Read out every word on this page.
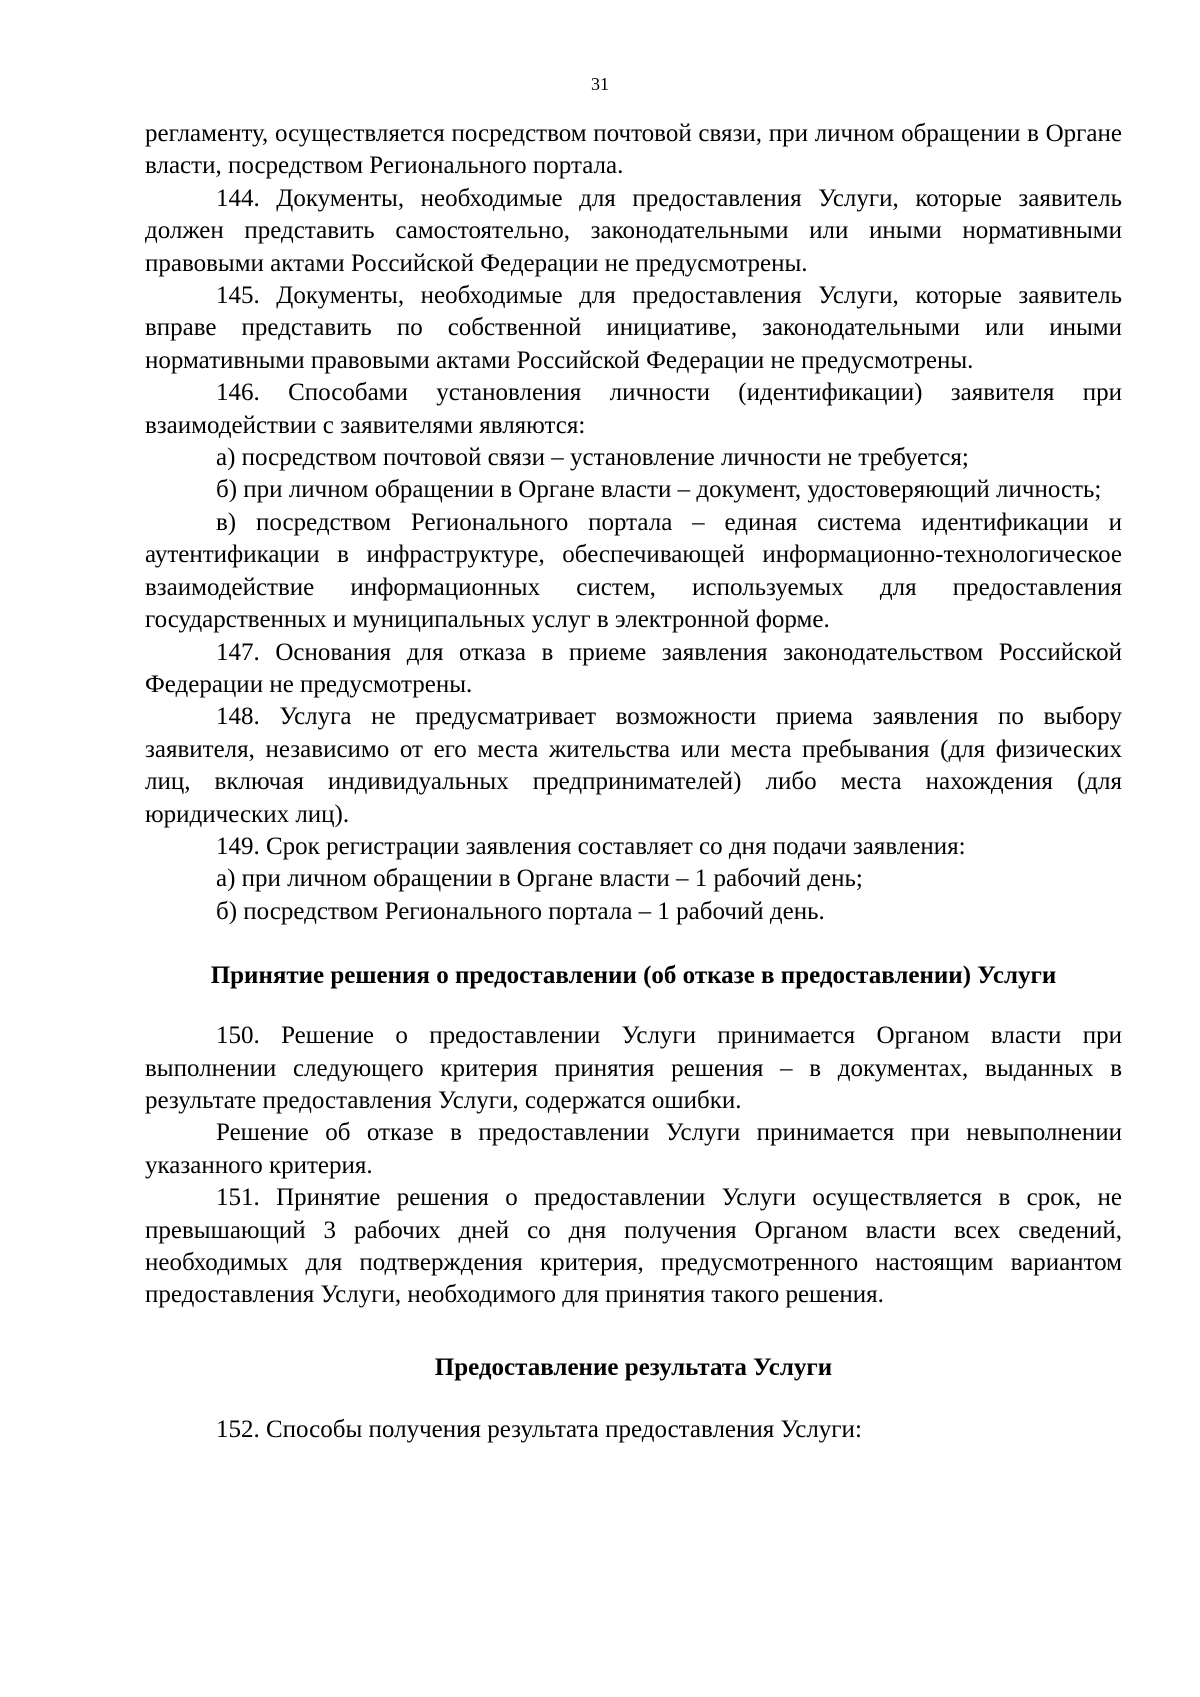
31

регламенту, осуществляется посредством почтовой связи, при личном обращении в Органе власти, посредством Регионального портала.

144. Документы, необходимые для предоставления Услуги, которые заявитель должен представить самостоятельно, законодательными или иными нормативными правовыми актами Российской Федерации не предусмотрены.

145. Документы, необходимые для предоставления Услуги, которые заявитель вправе представить по собственной инициативе, законодательными или иными нормативными правовыми актами Российской Федерации не предусмотрены.

146. Способами установления личности (идентификации) заявителя при взаимодействии с заявителями являются:

а) посредством почтовой связи – установление личности не требуется;

б) при личном обращении в Органе власти – документ, удостоверяющий личность;

в) посредством Регионального портала – единая система идентификации и аутентификации в инфраструктуре, обеспечивающей информационно-технологическое взаимодействие информационных систем, используемых для предоставления государственных и муниципальных услуг в электронной форме.

147. Основания для отказа в приеме заявления законодательством Российской Федерации не предусмотрены.

148. Услуга не предусматривает возможности приема заявления по выбору заявителя, независимо от его места жительства или места пребывания (для физических лиц, включая индивидуальных предпринимателей) либо места нахождения (для юридических лиц).

149. Срок регистрации заявления составляет со дня подачи заявления:

а) при личном обращении в Органе власти – 1 рабочий день;

б) посредством Регионального портала – 1 рабочий день.

Принятие решения о предоставлении (об отказе в предоставлении) Услуги

150. Решение о предоставлении Услуги принимается Органом власти при выполнении следующего критерия принятия решения – в документах, выданных в результате предоставления Услуги, содержатся ошибки.

Решение об отказе в предоставлении Услуги принимается при невыполнении указанного критерия.

151. Принятие решения о предоставлении Услуги осуществляется в срок, не превышающий 3 рабочих дней со дня получения Органом власти всех сведений, необходимых для подтверждения критерия, предусмотренного настоящим вариантом предоставления Услуги, необходимого для принятия такого решения.

Предоставление результата Услуги

152. Способы получения результата предоставления Услуги:
